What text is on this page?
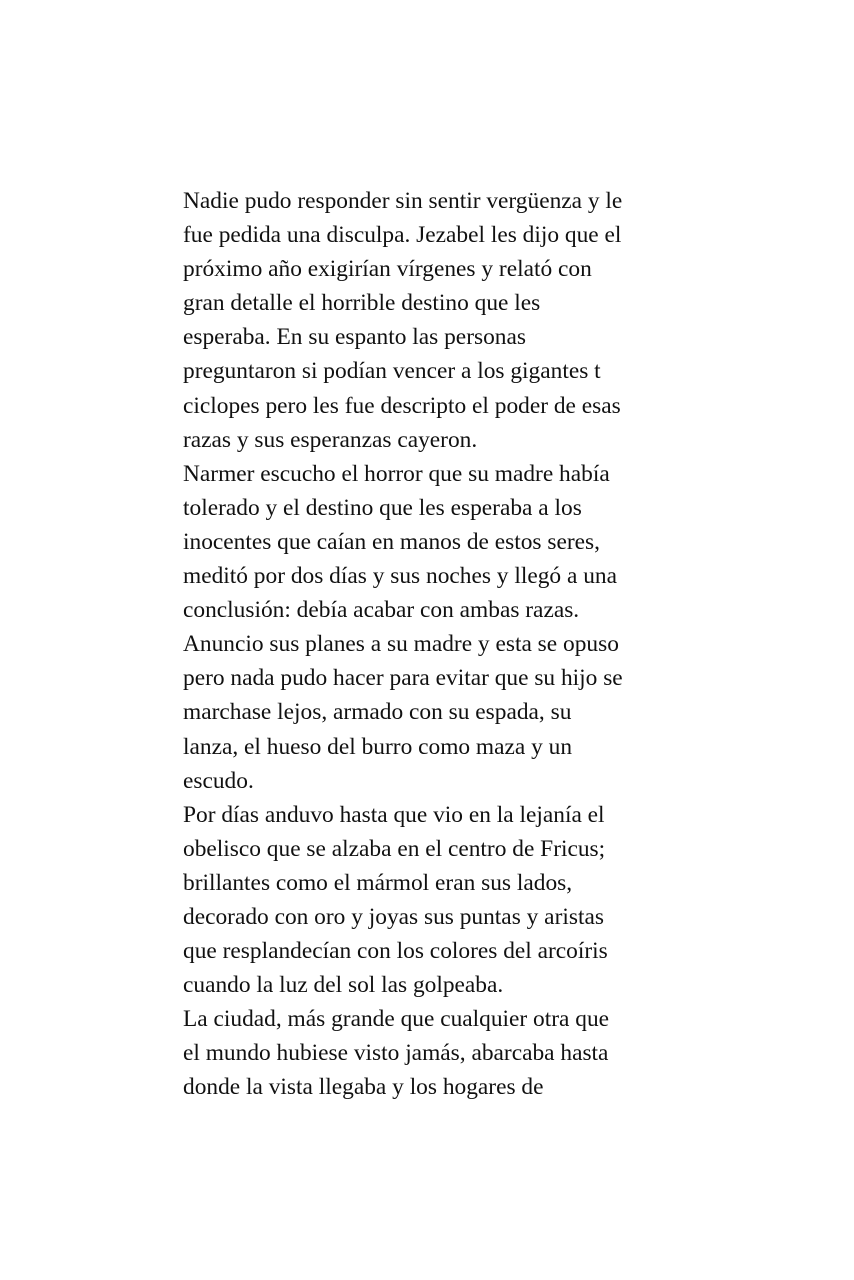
Nadie pudo responder sin sentir vergüenza y le
fue pedida una disculpa. Jezabel les dijo que el
próximo año exigirían vírgenes y relató con
gran detalle el horrible destino que les
esperaba. En su espanto las personas
preguntaron si podían vencer a los gigantes t
ciclopes pero les fue descripto el poder de esas
razas y sus esperanzas cayeron.
Narmer escucho el horror que su madre había
tolerado y el destino que les esperaba a los
inocentes que caían en manos de estos seres,
meditó por dos días y sus noches y llegó a una
conclusión: debía acabar con ambas razas.
Anuncio sus planes a su madre y esta se opuso
pero nada pudo hacer para evitar que su hijo se
marchase lejos, armado con su espada, su
lanza, el hueso del burro como maza y un
escudo.
Por días anduvo hasta que vio en la lejanía el
obelisco que se alzaba en el centro de Fricus;
brillantes como el mármol eran sus lados,
decorado con oro y joyas sus puntas y aristas
que resplandecían con los colores del arcoíris
cuando la luz del sol las golpeaba.
La ciudad, más grande que cualquier otra que
el mundo hubiese visto jamás, abarcaba hasta
donde la vista llegaba y los hogares de
